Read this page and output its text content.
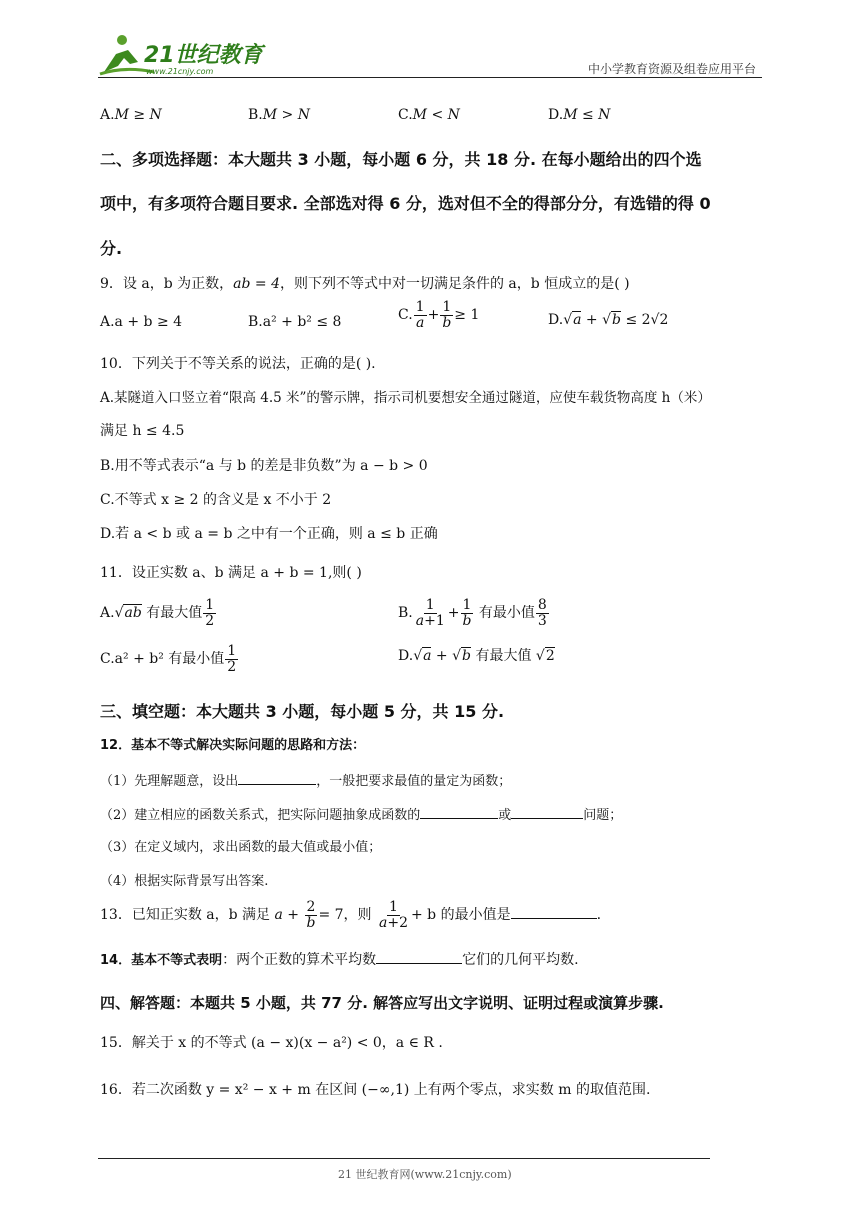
21世纪教育
www.21cnjy.com	中小学教育资源及组卷应用平台
A.M ≥ N	B.M > N	C.M < N	D.M ≤ N
二、多项选择题：本大题共 3 小题，每小题 6 分，共 18 分. 在每小题给出的四个选
项中，有多项符合题目要求. 全部选对得 6 分，选对但不全的得部分分，有选错的得 0
分.
9．设 a，b 为正数，ab = 4，则下列不等式中对一切满足条件的 a，b 恒成立的是( )
A.a + b ≥ 4	B.a² + b² ≤ 8	C. $\frac{1}{a} + \frac{1}{b} \ge 1$	D.√a + √b ≤ 2√2
10．下列关于不等关系的说法，正确的是( ).
A.某隧道入口竖立着“限高 4.5 米”的警示牌，指示司机要想安全通过隧道，应使车载货物高度 h（米）
满足 h ≤ 4.5
B.用不等式表示“a 与 b 的差是非负数”为 a − b > 0
C.不等式 x ≥ 2 的含义是 x 不小于 2
D.若 a < b 或 a = b 之中有一个正确，则 a ≤ b 正确
11．设正实数 a、b 满足 a + b = 1,则( )
A.√ab 有最大值 $\frac{1}{2}$	B. $\frac{1}{a+1} + \frac{1}{b}$ 有最小值 $\frac{8}{3}$
C.a² + b² 有最小值 $\frac{1}{2}$	D.√a + √b 有最大值 √2
三、填空题：本大题共 3 小题，每小题 5 分，共 15 分.
12．基本不等式解决实际问题的思路和方法：
（1）先理解题意，设出	，一般把要求最值的量定为函数；
（2）建立相应的函数关系式，把实际问题抽象成函数的	或	问题；
（3）在定义域内，求出函数的最大值或最小值；
（4）根据实际背景写出答案.
13．已知正实数 a，b 满足 $a + \frac{2}{b} = 7$，则 $\frac{1}{a+2} + b$ 的最小值是	.
14．基本不等式表明：两个正数的算术平均数	它们的几何平均数.
四、解答题：本题共 5 小题，共 77 分. 解答应写出文字说明、证明过程或演算步骤.
15．解关于 x 的不等式 (a − x)(x − a²) < 0，a ∈ R .
16．若二次函数 y = x² − x + m 在区间 (−∞,1) 上有两个零点，求实数 m 的取值范围.
21 世纪教育网(www.21cnjy.com)
